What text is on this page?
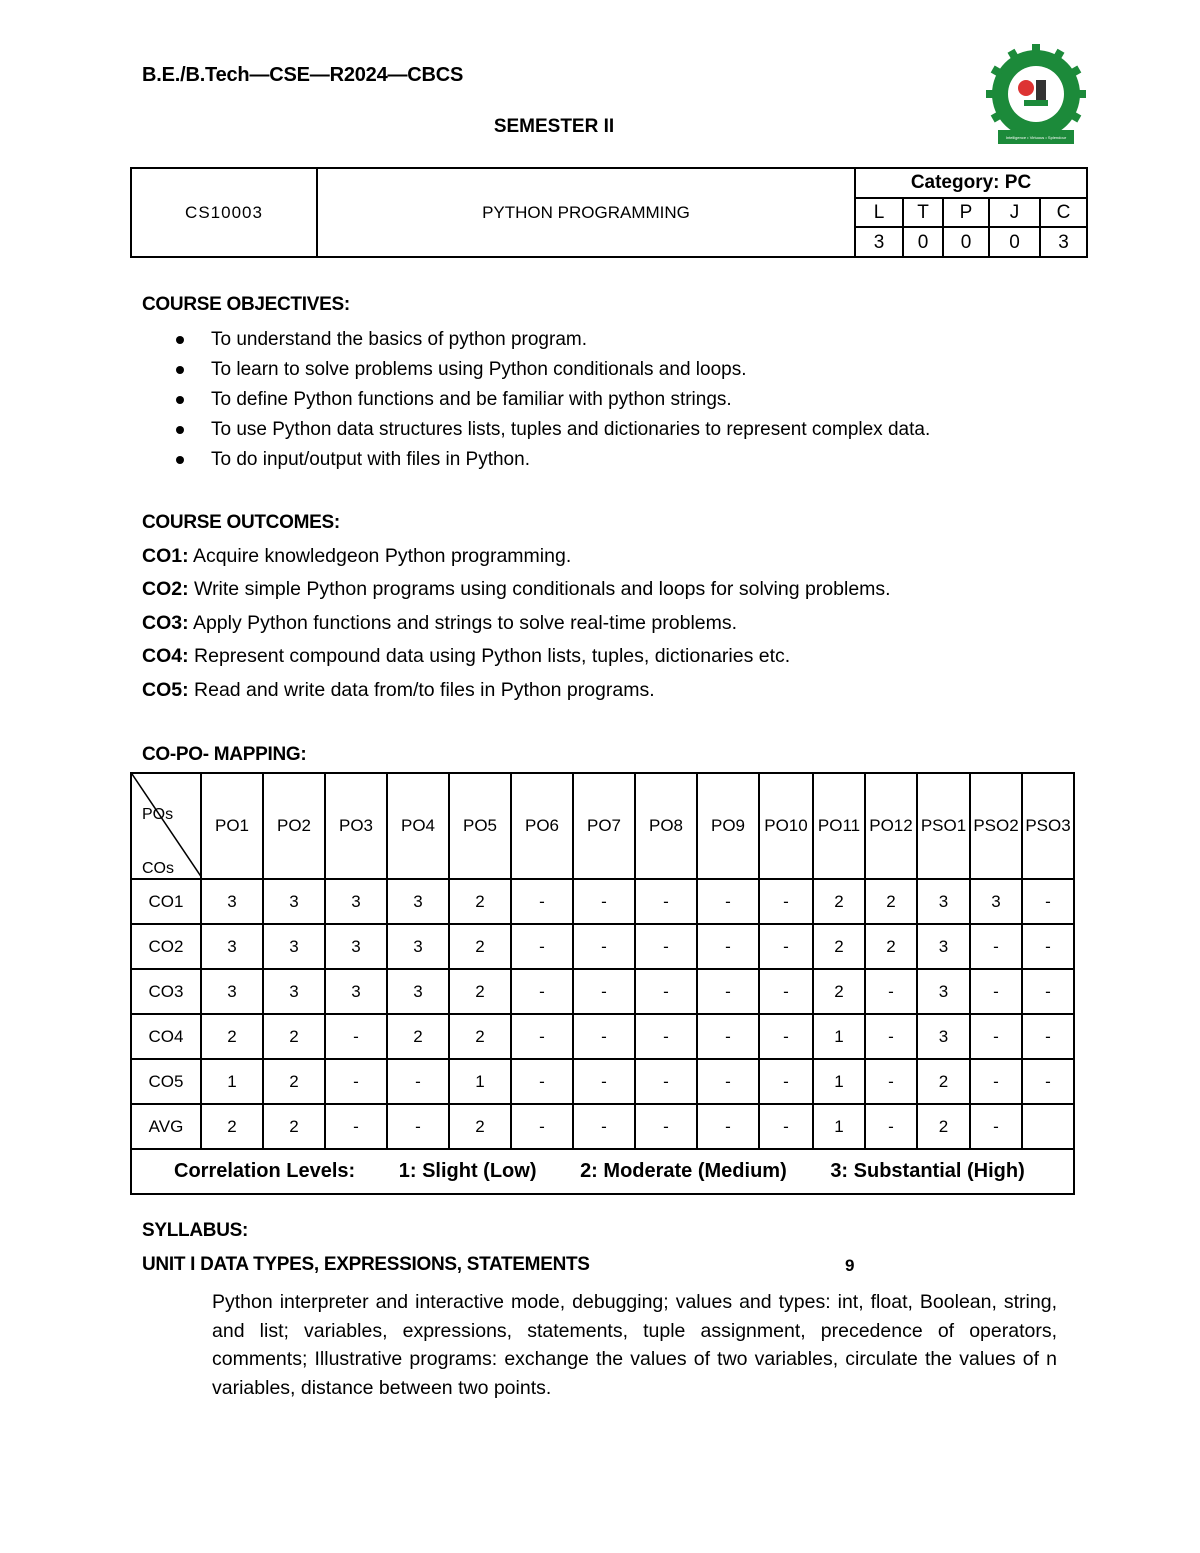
B.E./B.Tech—CSE—R2024—CBCS
SEMESTER II
Intelligence • Virtuous • Splendour
CS10003	PYTHON PROGRAMMING
Category: PC
L	T	P	J	C
3	0	0	0	3
COURSE OBJECTIVES:
To understand the basics of python program.
To learn to solve problems using Python conditionals and loops.
To define Python functions and be familiar with python strings.
To use Python data structures lists, tuples and dictionaries to represent complex data.
To do input/output with files in Python.
COURSE OUTCOMES:
CO1: Acquire knowledgeon Python programming.
CO2: Write simple Python programs using conditionals and loops for solving problems.
CO3: Apply Python functions and strings to solve real-time problems.
CO4: Represent compound data using Python lists, tuples, dictionaries etc.
CO5: Read and write data from/to files in Python programs.
CO-PO- MAPPING:
POs
COs	PO1	PO2	PO3	PO4	PO5	PO6	PO7	PO8	PO9	PO10	PO11	PO12	PSO1	PSO2	PSO3
CO1	3	3	3	3	2	-	-	-	-	-	2	2	3	3	-
CO2	3	3	3	3	2	-	-	-	-	-	2	2	3	-	-
CO3	3	3	3	3	2	-	-	-	-	-	2	-	3	-	-
CO4	2	2	-	2	2	-	-	-	-	-	1	-	3	-	-
CO5	1	2	-	-	1	-	-	-	-	-	1	-	2	-	-
AVG	2	2	-	-	2	-	-	-	-	-	1	-	2	-	
Correlation Levels: 1: Slight (Low) 2: Moderate (Medium) 3: Substantial (High)															
SYLLABUS:
UNIT I DATA TYPES, EXPRESSIONS, STATEMENTS	9
Python interpreter and interactive mode, debugging; values and types: int, float, Boolean, string, and list; variables, expressions, statements, tuple assignment, precedence of operators, comments; Illustrative programs: exchange the values of two variables, circulate the values of n variables, distance between two points.
